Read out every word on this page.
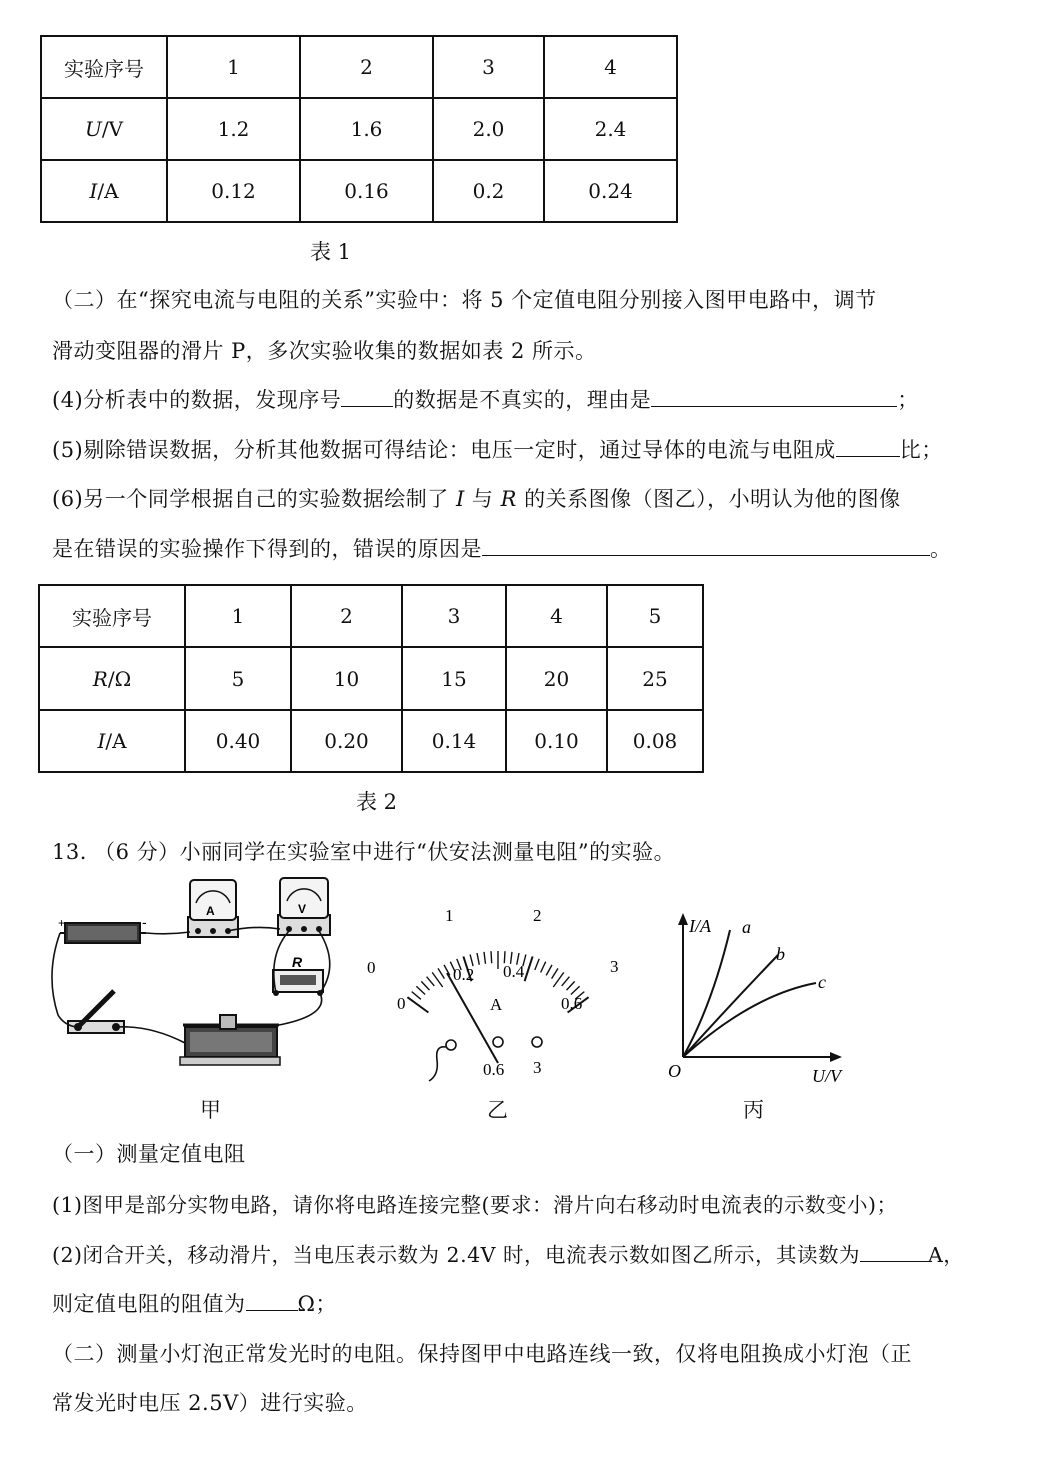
实验序号	1	2	3	4
U/V	1.2	1.6	2.0	2.4
I/A	0.12	0.16	0.2	0.24
表 1
（二）在“探究电流与电阻的关系”实验中：将 5 个定值电阻分别接入图甲电路中，调节
滑动变阻器的滑片 P，多次实验收集的数据如表 2 所示。
(4)分析表中的数据，发现序号 的数据是不真实的，理由是	；
(5)剔除错误数据，分析其他数据可得结论：电压一定时，通过导体的电流与电阻成	比；
(6)另一个同学根据自己的实验数据绘制了 I 与 R 的关系图像（图乙），小明认为他的图像
是在错误的实验操作下得到的，错误的原因是	。
实验序号	1	2	3	4	5
R/Ω	5	10	15	20	25
I/A	0.40	0.20	0.14	0.10	0.08
表 2
13. （6 分）小丽同学在实验室中进行“伏安法测量电阻”的实验。
+	-
A	V
R
甲
0
1	2
3
0
0.2 0.4
0.6
A
0.6 3
乙
I/A
U/V
O
a
b
c
丙
（一）测量定值电阻
(1)图甲是部分实物电路，请你将电路连接完整(要求：滑片向右移动时电流表的示数变小)；
(2)闭合开关，移动滑片，当电压表示数为 2.4V 时，电流表示数如图乙所示，其读数为	A，
则定值电阻的阻值为 Ω；
（二）测量小灯泡正常发光时的电阻。保持图甲中电路连线一致，仅将电阻换成小灯泡（正
常发光时电压 2.5V）进行实验。
